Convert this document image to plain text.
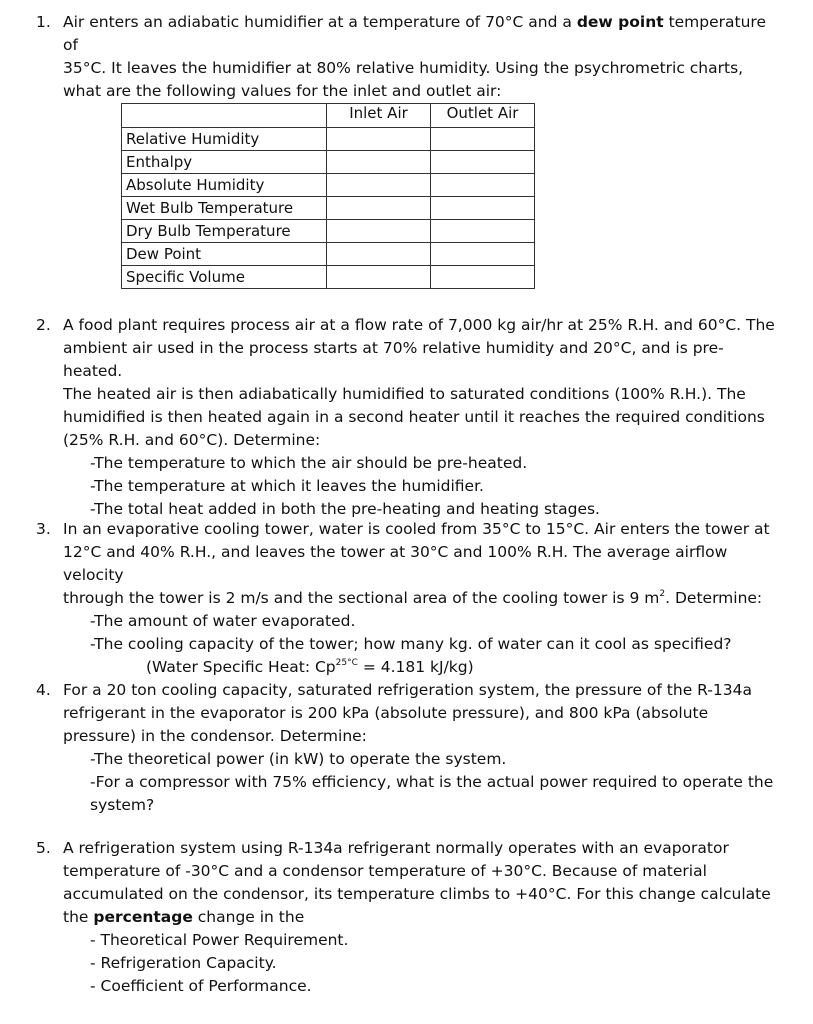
1. Air enters an adiabatic humidifier at a temperature of 70°C and a dew point temperature of
35°C. It leaves the humidifier at 80% relative humidity. Using the psychrometric charts,
what are the following values for the inlet and outlet air:
	Inlet Air	Outlet Air
Relative Humidity		
Enthalpy		
Absolute Humidity		
Wet Bulb Temperature		
Dry Bulb Temperature		
Dew Point		
Specific Volume		
2. A food plant requires process air at a flow rate of 7,000 kg air/hr at 25% R.H. and 60°C. The
ambient air used in the process starts at 70% relative humidity and 20°C, and is pre-heated.
The heated air is then adiabatically humidified to saturated conditions (100% R.H.). The
humidified is then heated again in a second heater until it reaches the required conditions
(25% R.H. and 60°C). Determine:
-The temperature to which the air should be pre-heated.
-The temperature at which it leaves the humidifier.
-The total heat added in both the pre-heating and heating stages.
3. In an evaporative cooling tower, water is cooled from 35°C to 15°C. Air enters the tower at
12°C and 40% R.H., and leaves the tower at 30°C and 100% R.H. The average airflow velocity
through the tower is 2 m/s and the sectional area of the cooling tower is 9 $m^2$. Determine:
-The amount of water evaporated.
-The cooling capacity of the tower; how many kg. of water can it cool as specified?
(Water Specific Heat: $Cp^{25^\circ C} = 4.181$ kJ/kg)
4. For a 20 ton cooling capacity, saturated refrigeration system, the pressure of the R-134a
refrigerant in the evaporator is 200 kPa (absolute pressure), and 800 kPa (absolute
pressure) in the condensor. Determine:
-The theoretical power (in kW) to operate the system.
-For a compressor with 75% efficiency, what is the actual power required to operate the
system?
5. A refrigeration system using R-134a refrigerant normally operates with an evaporator
temperature of -30°C and a condensor temperature of +30°C. Because of material
accumulated on the condensor, its temperature climbs to +40°C. For this change calculate
the percentage change in the
- Theoretical Power Requirement.
- Refrigeration Capacity.
- Coefficient of Performance.
